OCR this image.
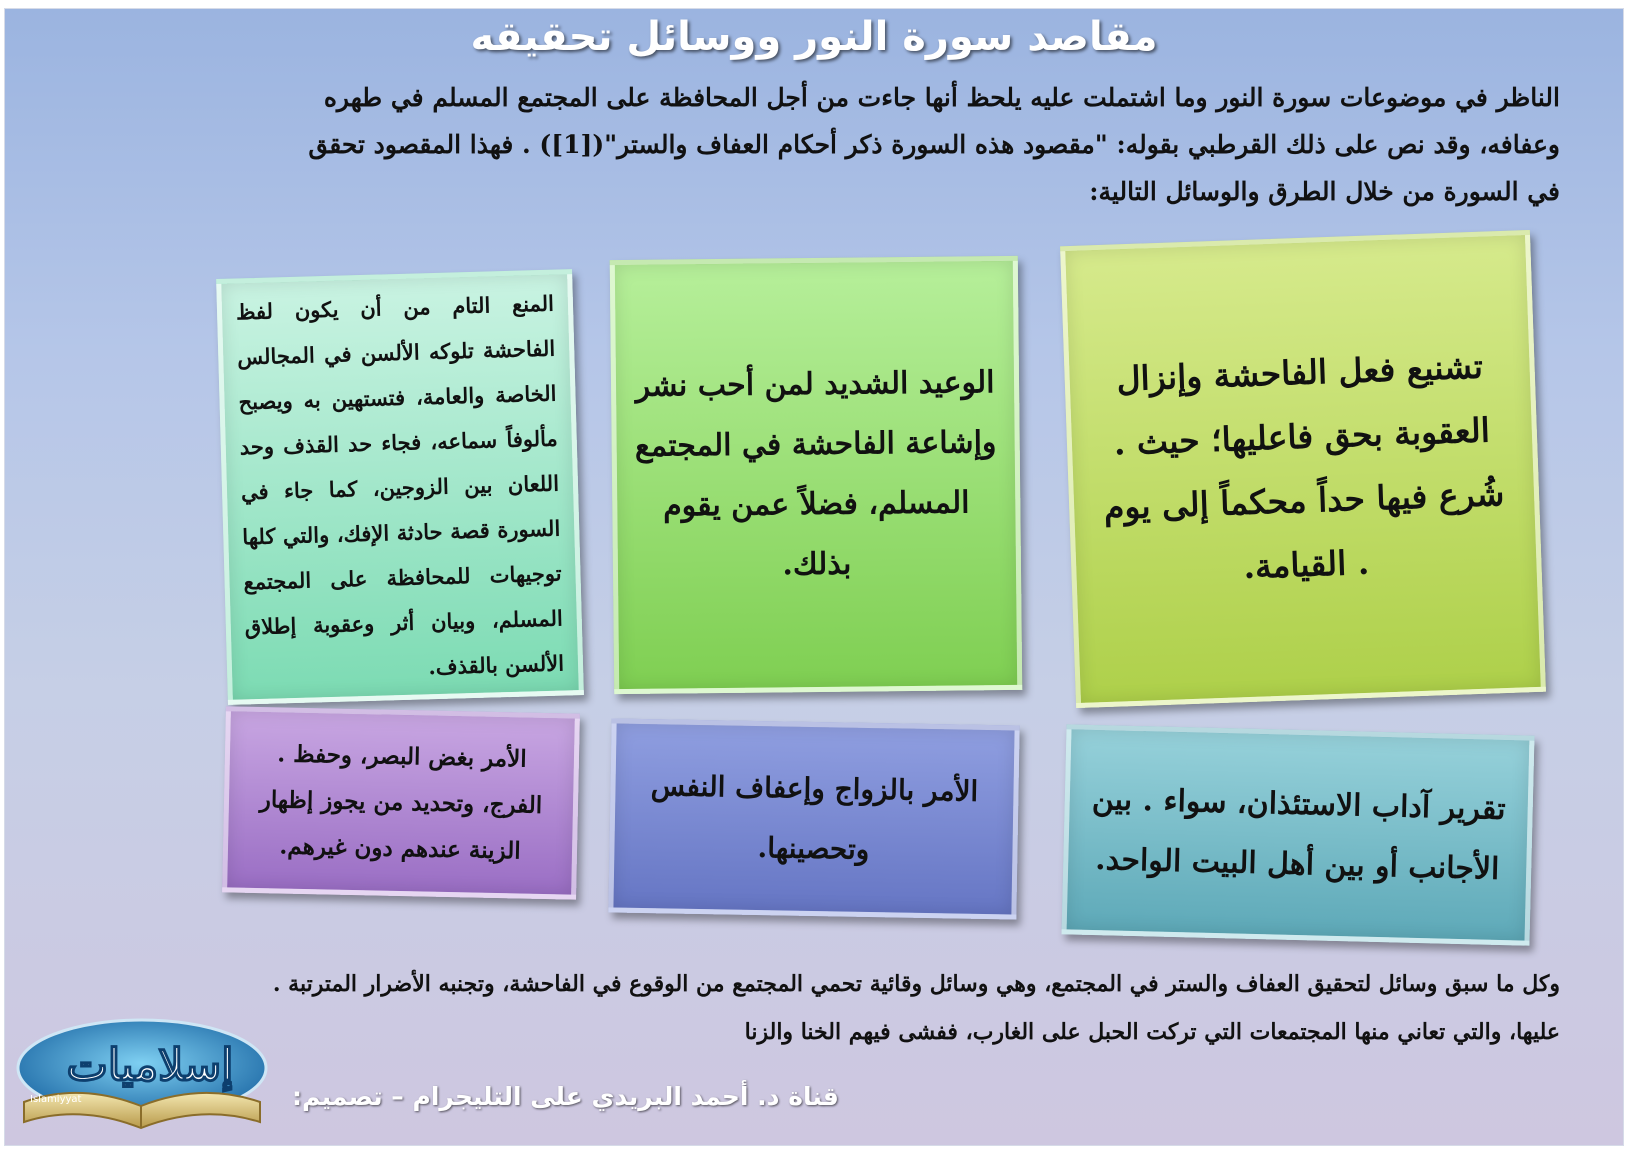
مقاصد سورة النور ووسائل تحقيقه

الناظر في موضوعات سورة النور وما اشتملت عليه يلحظ أنها جاءت من أجل المحافظة على المجتمع المسلم في طهره

وعفافه، وقد نص على ذلك القرطبي بقوله: "مقصود هذه السورة ذكر أحكام العفاف والستر"([1]) . فهذا المقصود تحقق

في السورة من خلال الطرق والوسائل التالية:

تشنيع فعل الفاحشة وإنزال العقوبة بحق فاعليها؛ حيث . شُرع فيها حداً محكماً إلى يوم . القيامة.
الوعيد الشديد لمن أحب نشر وإشاعة الفاحشة في المجتمع المسلم، فضلاً عمن يقوم بذلك.
المنع التام من أن يكون لفظ الفاحشة تلوكه الألسن في المجالس الخاصة والعامة، فتستهين به ويصبح مألوفاً سماعه، فجاء حد القذف وحد اللعان بين الزوجين، كما جاء في السورة قصة حادثة الإفك، والتي كلها توجيهات للمحافظة على المجتمع المسلم، وبيان أثر وعقوبة إطلاق الألسن بالقذف.
تقرير آداب الاستئذان، سواء . بين الأجانب أو بين أهل البيت الواحد.
الأمر بالزواج وإعفاف النفس وتحصينها.
الأمر بغض البصر، وحفظ . الفرج، وتحديد من يجوز إظهار الزينة عندهم دون غيرهم.

وكل ما سبق وسائل لتحقيق العفاف والستر في المجتمع، وهي وسائل وقائية تحمي المجتمع من الوقوع في الفاحشة، وتجنبه الأضرار المترتبة .

عليها، والتي تعاني منها المجتمعات التي تركت الحبل على الغارب، ففشى فيهم الخنا والزنا

قناة د. أحمد البريدي على التليجرام – تصميم:
إسلاميات
Islamiyyat
